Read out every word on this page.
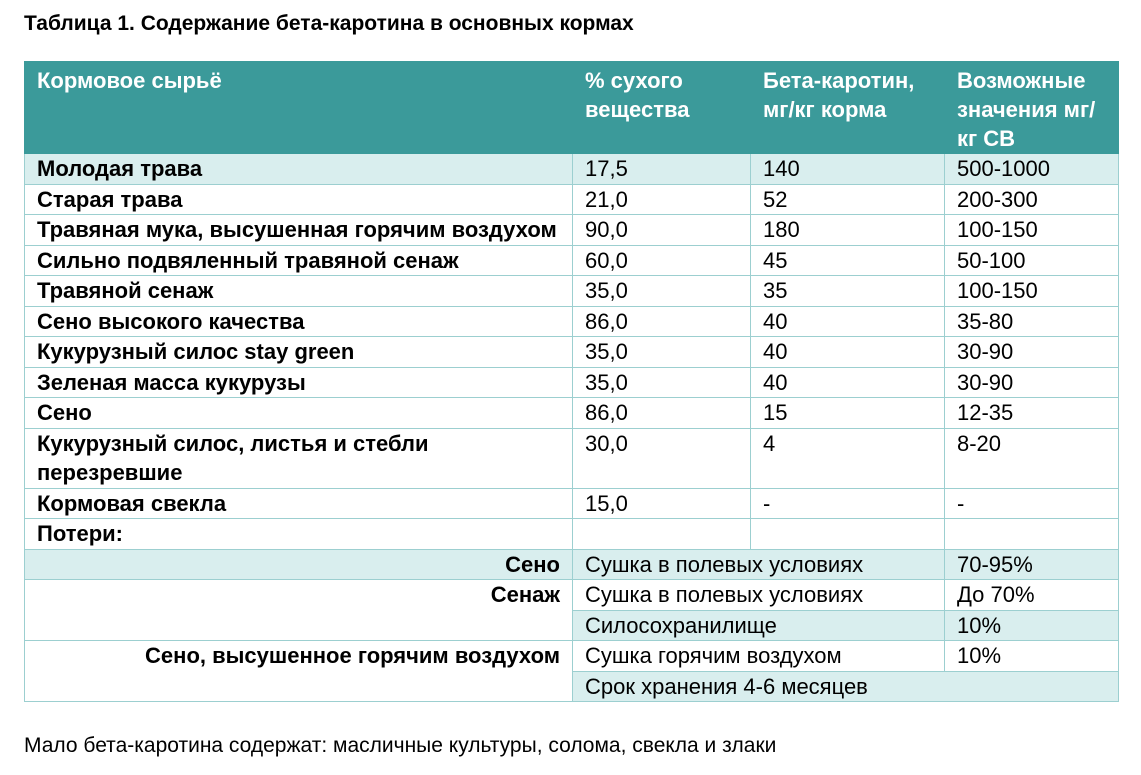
Таблица 1. Содержание бета-каротина в основных кормах
Кормовое сырьё	% сухого вещества	Бета-каротин, мг/кг корма	Возможные значения мг/кг СВ
Молодая трава	17,5	140	500-1000
Старая трава	21,0	52	200-300
Травяная мука, высушенная горячим воздухом	90,0	180	100-150
Сильно подвяленный травяной сенаж	60,0	45	50-100
Травяной сенаж	35,0	35	100-150
Сено высокого качества	86,0	40	35-80
Кукурузный силос stay green	35,0	40	30-90
Зеленая масса кукурузы	35,0	40	30-90
Сено	86,0	15	12-35
Кукурузный силос, листья и стебли перезревшие	30,0	4	8-20
Кормовая свекла	15,0	-	-
Потери:			
Сено	Сушка в полевых условиях		70-95%
Сенаж	Сушка в полевых условиях		До 70%
	Силосохранилище		10%
Сено, высушенное горячим воздухом	Сушка горячим воздухом		10%
	Срок хранения 4-6 месяцев		
Мало бета-каротина содержат: масличные культуры, солома, свекла и злаки
